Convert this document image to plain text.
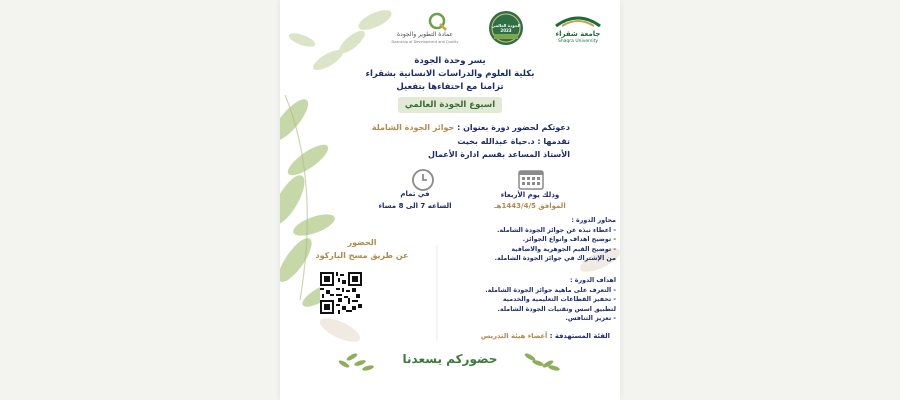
جامعة شقراء
Shaqra University
الجودة العالمي 2023
عمادة التطوير والجودة
Deanship of Development and Quality
يسر وحدة الجودة
بكلية العلوم والدراسات الانسانية بشقراء
تزامنا مع احتفاءها بتفعيل
اسبوع الجودة العالمي
دعوتكم لحضور دورة بعنوان : جوائز الجودة الشاملة
تقدمها : د.حياة عبدالله بخيت
الأستاذ المساعد بقسم ادارة الأعمال
وذلك يوم الأربعاء
الموافق 1443/4/5هـ
في تمام
الساعه 7 الى 8 مساء
محاور الدورة :
- اعطاء نبذه عن جوائز الجودة الشاملة.
- توضيح اهداف وانواع الجوائز.
- توضيح القيم الجوهرية والاضافية
من الإشتراك في جوائز الجودة الشاملة.
اهداف الدورة :
- التعرف على ماهية جوائز الجودة الشاملة.
- تحفيز القطاعات التعليمية والخدمية
لتطبيق اسس وتقنيات الجودة الشاملة.
- تعزيز التنافس.
الحضور
عن طريق مسح الباركود
الفئة المستهدفة : أعضاء هيئة التدريس
حضوركم يسعدنا
